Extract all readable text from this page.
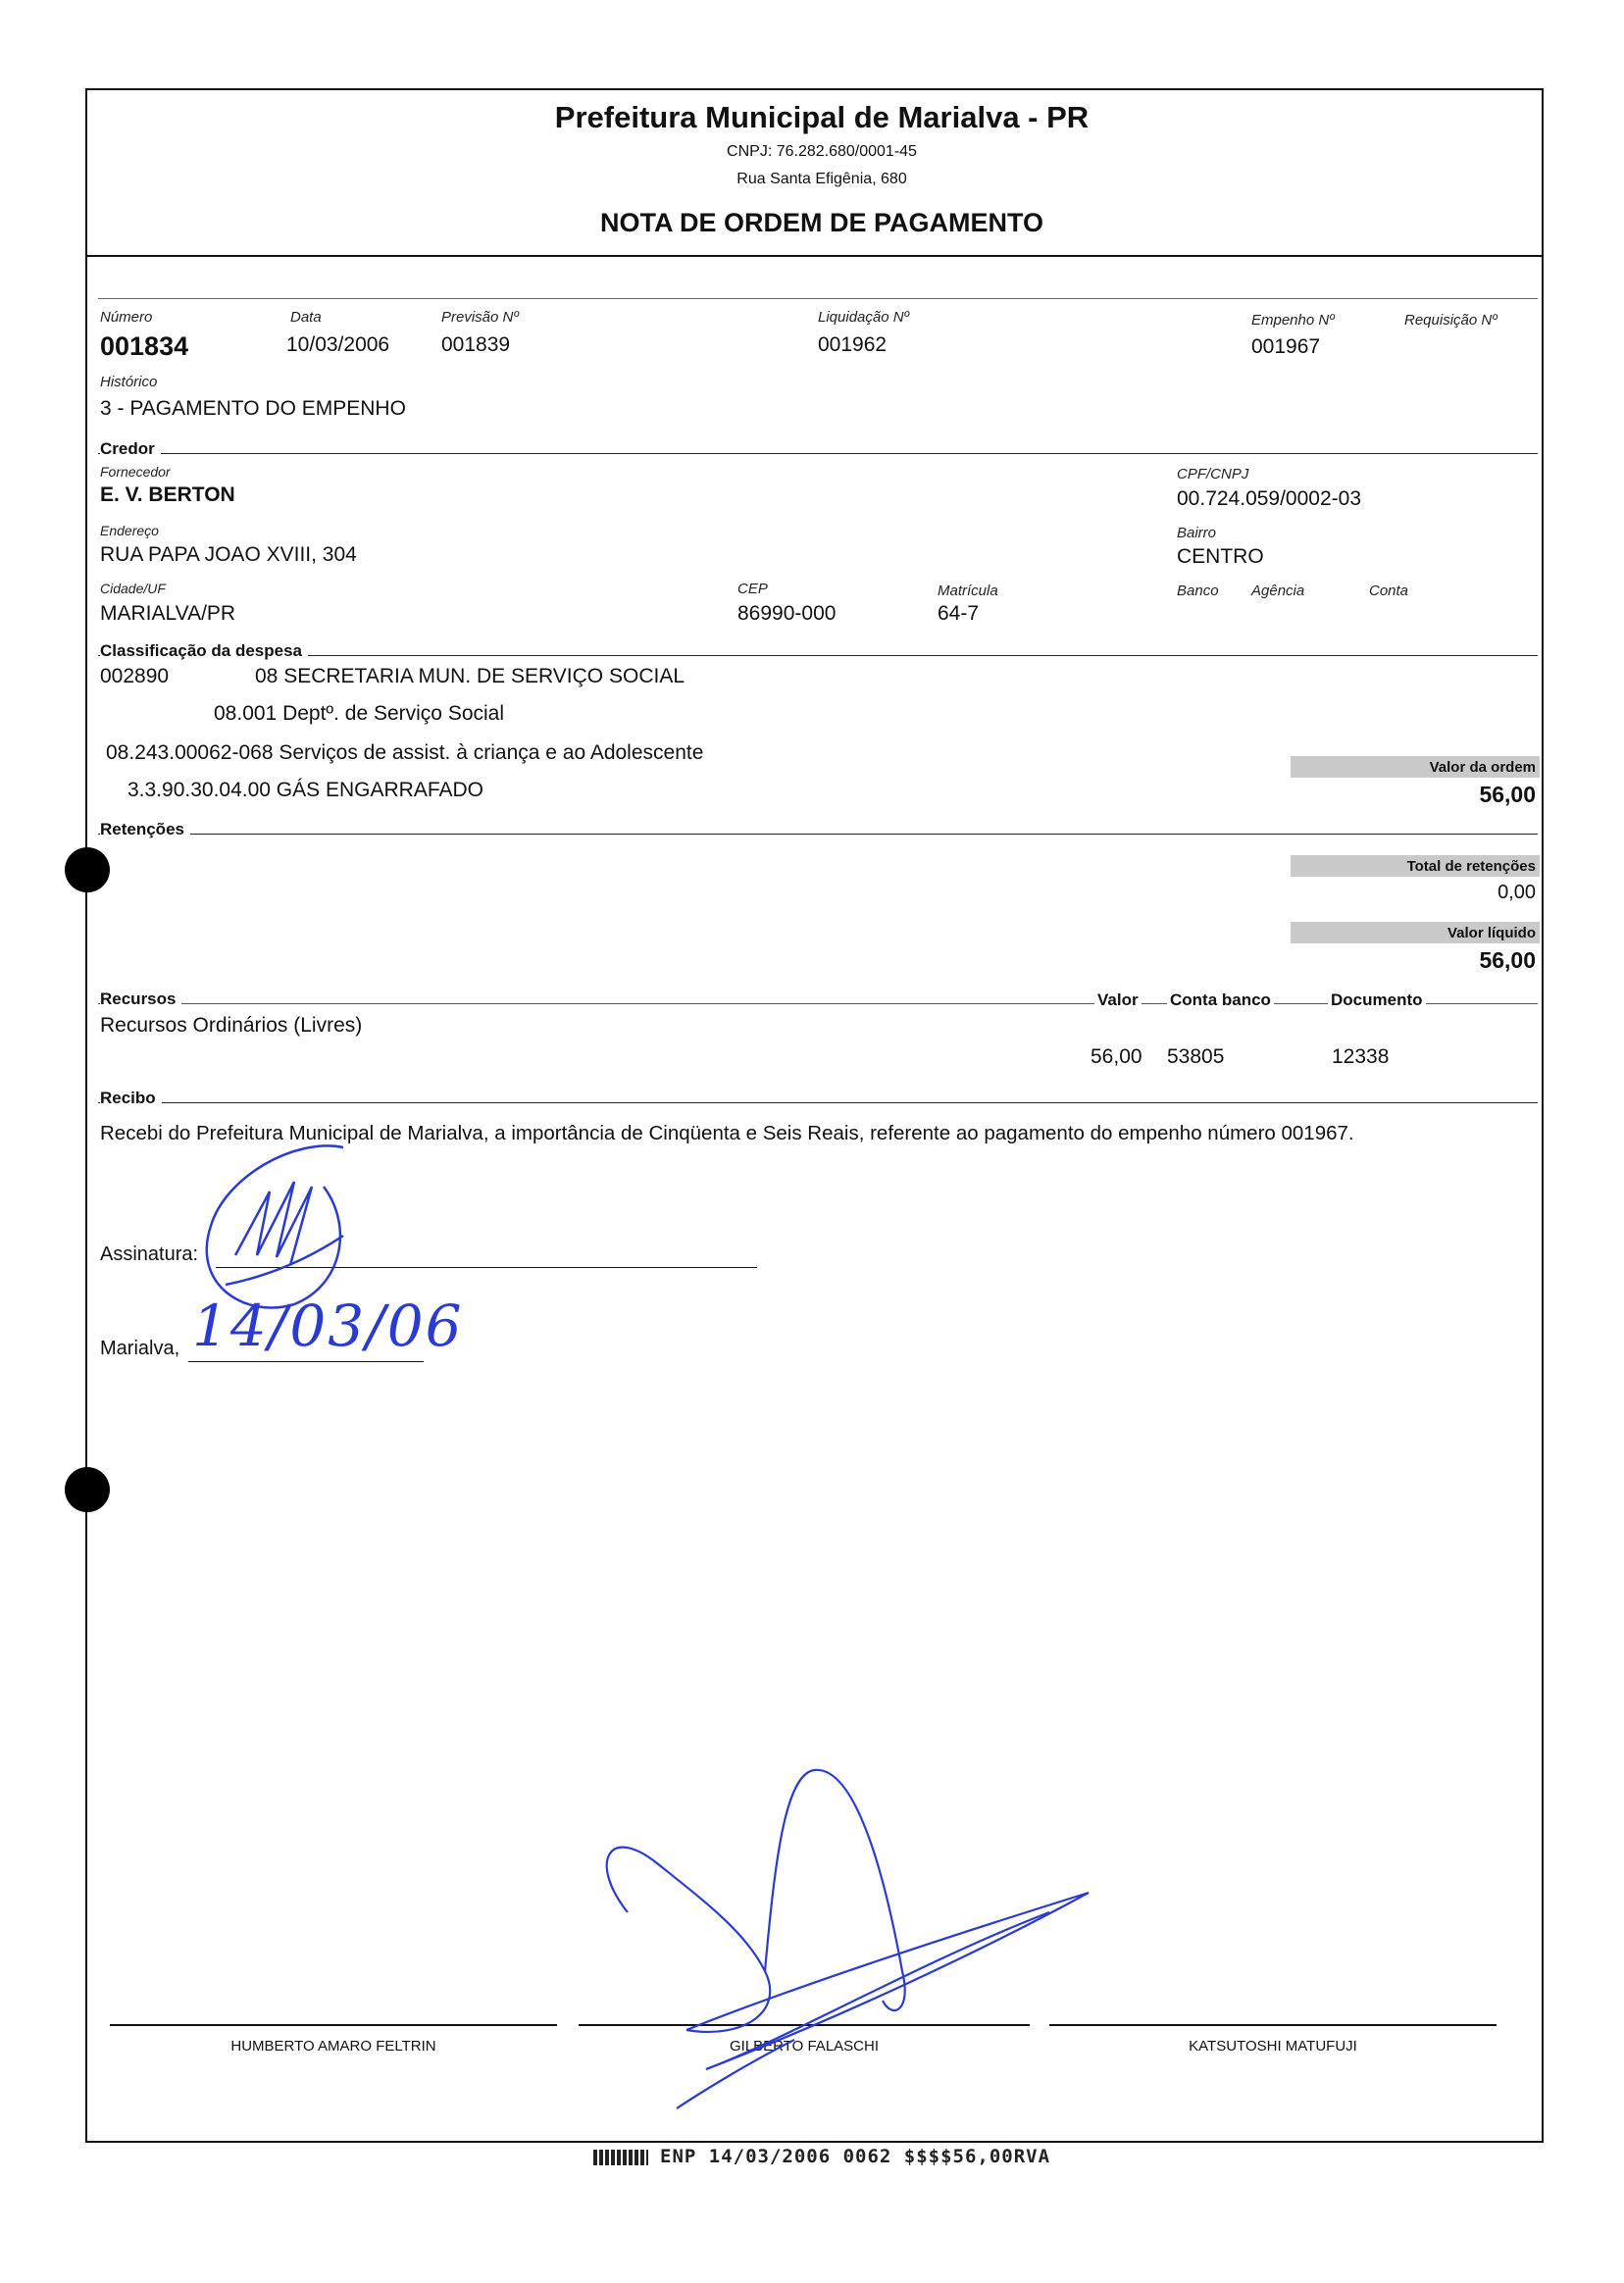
Prefeitura Municipal de Marialva - PR
CNPJ: 76.282.680/0001-45
Rua Santa Efigênia, 680
NOTA DE ORDEM DE PAGAMENTO
Número
001834
Data
10/03/2006
Previsão Nº
001839
Liquidação Nº
001962
Empenho Nº
001967
Requisição Nº
Histórico
3 - PAGAMENTO DO EMPENHO
Credor
Fornecedor
E. V. BERTON
CPF/CNPJ
00.724.059/0002-03
Endereço
RUA PAPA JOAO XVIII, 304
Bairro
CENTRO
Cidade/UF
MARIALVA/PR
CEP
86990-000
Matrícula
64-7
Banco Agência	Conta
Classificação da despesa
002890	08 SECRETARIA MUN. DE SERVIÇO SOCIAL
08.001 Deptº. de Serviço Social
08.243.00062-068 Serviços de assist. à criança e ao Adolescente
3.3.90.30.04.00 GÁS ENGARRAFADO
Valor da ordem
56,00
Retenções
Total de retenções
0,00
Valor líquido
56,00
Recursos	Valor Conta banco	Documento
Recursos Ordinários (Livres)
56,00 53805	12338
Recibo
Recebi do Prefeitura Municipal de Marialva, a importância de Cinqüenta e Seis Reais, referente ao pagamento do empenho número 001967.
Assinatura:
Marialva, 14/03/06
HUMBERTO AMARO FELTRIN	GILBERTO FALASCHI	KATSUTOSHI MATUFUJI
ENP 14/03/2006 0062 $$$$56,00RVA
